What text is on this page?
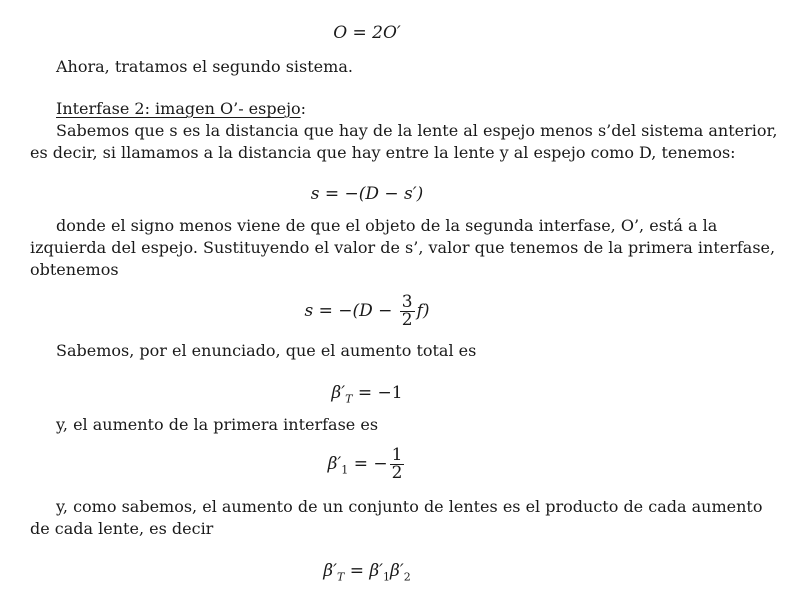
O = 2O′
Ahora, tratamos el segundo sistema.
Interfase 2: imagen O’- espejo:
Sabemos que s es la distancia que hay de la lente al espejo menos s’del sistema anterior,
es decir, si llamamos a la distancia que hay entre la lente y al espejo como D, tenemos:
s = −(D − s′)
donde el signo menos viene de que el objeto de la segunda interfase, O’, está a la
izquierda del espejo. Sustituyendo el valor de s’, valor que tenemos de la primera interfase,
obtenemos
$s = -(D - \frac{3}{2} f)$
Sabemos, por el enunciado, que el aumento total es
$\beta'_T = -1$
y, el aumento de la primera interfase es
$\beta'_1$ = − $\frac{1}{2}$
y, como sabemos, el aumento de un conjunto de lentes es el producto de cada aumento
de cada lente, es decir
$\beta'_T = \beta'_1\beta'_2$
